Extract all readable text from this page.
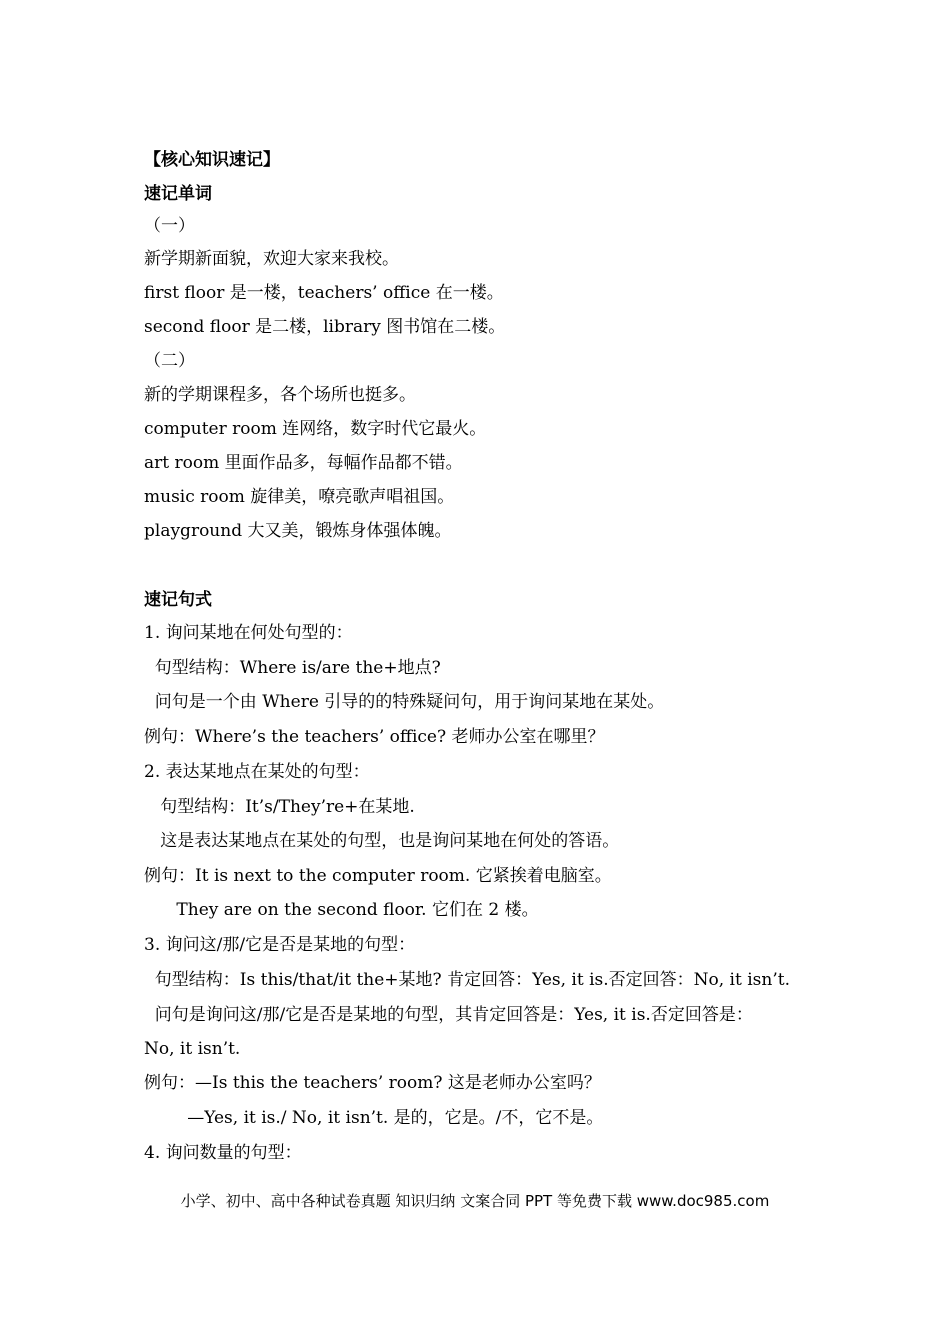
【核心知识速记】
速记单词
（一）
新学期新面貌，欢迎大家来我校。
first floor 是一楼，teachers’ office 在一楼。
second floor 是二楼，library 图书馆在二楼。
（二）
新的学期课程多，各个场所也挺多。
computer room 连网络，数字时代它最火。
art room 里面作品多，每幅作品都不错。
music room 旋律美，嘹亮歌声唱祖国。
playground 大又美，锻炼身体强体魄。
速记句式
1. 询问某地在何处句型的：
句型结构：Where is/are the+地点?
问句是一个由 Where 引导的的特殊疑问句，用于询问某地在某处。
例句：Where’s the teachers’ office? 老师办公室在哪里？
2. 表达某地点在某处的句型：
句型结构：It’s/They’re+在某地.
这是表达某地点在某处的句型，也是询问某地在何处的答语。
例句：It is next to the computer room. 它紧挨着电脑室。
They are on the second floor. 它们在 2 楼。
3. 询问这/那/它是否是某地的句型：
句型结构：Is this/that/it the+某地? 肯定回答：Yes, it is.否定回答：No, it isn’t.
问句是询问这/那/它是否是某地的句型，其肯定回答是：Yes, it is.否定回答是：
No, it isn’t.
例句：—Is this the teachers’ room? 这是老师办公室吗？
—Yes, it is./ No, it isn’t. 是的，它是。/不，它不是。
4. 询问数量的句型：
小学、初中、高中各种试卷真题 知识归纳 文案合同 PPT 等免费下载 www.doc985.com
